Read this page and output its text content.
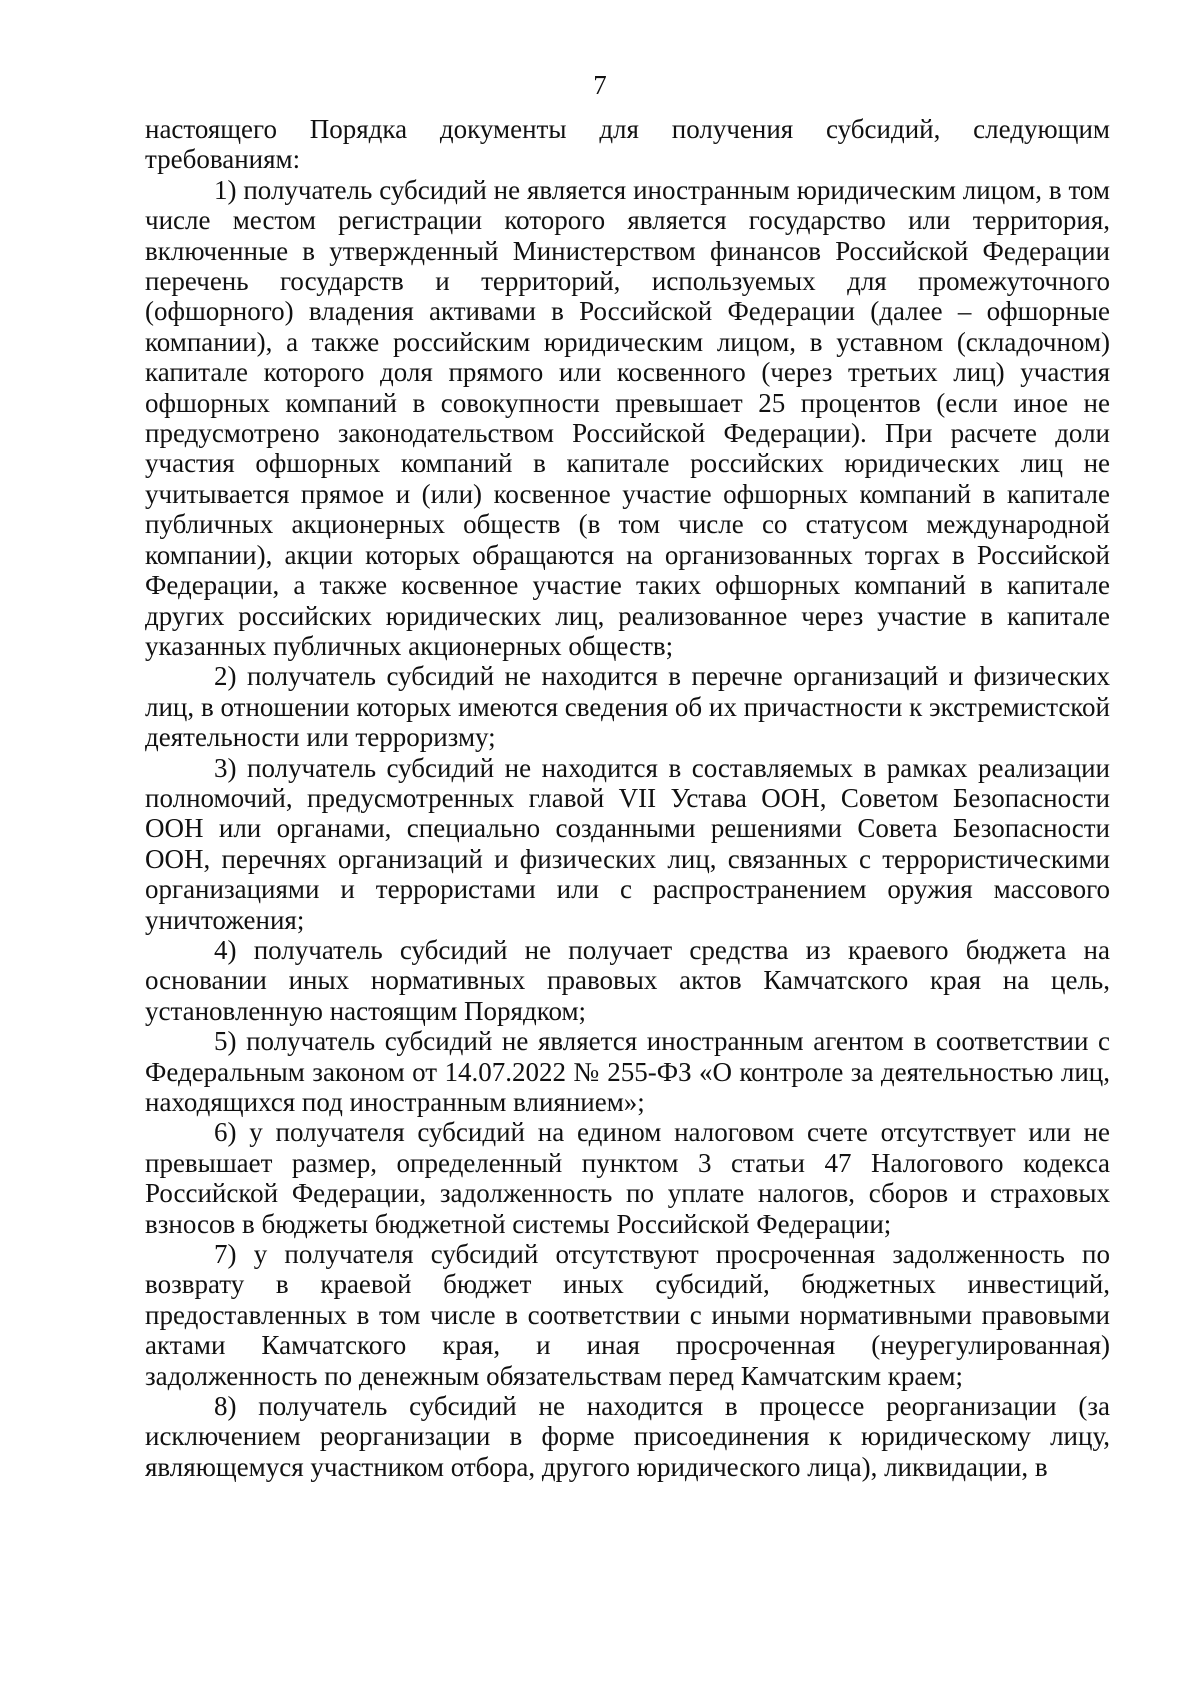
7

настоящего Порядка документы для получения субсидий, следующим требованиям:

1) получатель субсидий не является иностранным юридическим лицом, в том числе местом регистрации которого является государство или территория, включенные в утвержденный Министерством финансов Российской Федерации перечень государств и территорий, используемых для промежуточного (офшорного) владения активами в Российской Федерации (далее – офшорные компании), а также российским юридическим лицом, в уставном (складочном) капитале которого доля прямого или косвенного (через третьих лиц) участия офшорных компаний в совокупности превышает 25 процентов (если иное не предусмотрено законодательством Российской Федерации). При расчете доли участия офшорных компаний в капитале российских юридических лиц не учитывается прямое и (или) косвенное участие офшорных компаний в капитале публичных акционерных обществ (в том числе со статусом международной компании), акции которых обращаются на организованных торгах в Российской Федерации, а также косвенное участие таких офшорных компаний в капитале других российских юридических лиц, реализованное через участие в капитале указанных публичных акционерных обществ;

2) получатель субсидий не находится в перечне организаций и физических лиц, в отношении которых имеются сведения об их причастности к экстремистской деятельности или терроризму;

3) получатель субсидий не находится в составляемых в рамках реализации полномочий, предусмотренных главой VII Устава ООН, Советом Безопасности ООН или органами, специально созданными решениями Совета Безопасности ООН, перечнях организаций и физических лиц, связанных с террористическими организациями и террористами или с распространением оружия массового уничтожения;

4) получатель субсидий не получает средства из краевого бюджета на основании иных нормативных правовых актов Камчатского края на цель, установленную настоящим Порядком;

5) получатель субсидий не является иностранным агентом в соответствии с Федеральным законом от 14.07.2022 № 255-ФЗ «О контроле за деятельностью лиц, находящихся под иностранным влиянием»;

6) у получателя субсидий на едином налоговом счете отсутствует или не превышает размер, определенный пунктом 3 статьи 47 Налогового кодекса Российской Федерации, задолженность по уплате налогов, сборов и страховых взносов в бюджеты бюджетной системы Российской Федерации;

7) у получателя субсидий отсутствуют просроченная задолженность по возврату в краевой бюджет иных субсидий, бюджетных инвестиций, предоставленных в том числе в соответствии с иными нормативными правовыми актами Камчатского края, и иная просроченная (неурегулированная) задолженность по денежным обязательствам перед Камчатским краем;

8) получатель субсидий не находится в процессе реорганизации (за исключением реорганизации в форме присоединения к юридическому лицу, являющемуся участником отбора, другого юридического лица), ликвидации, в
